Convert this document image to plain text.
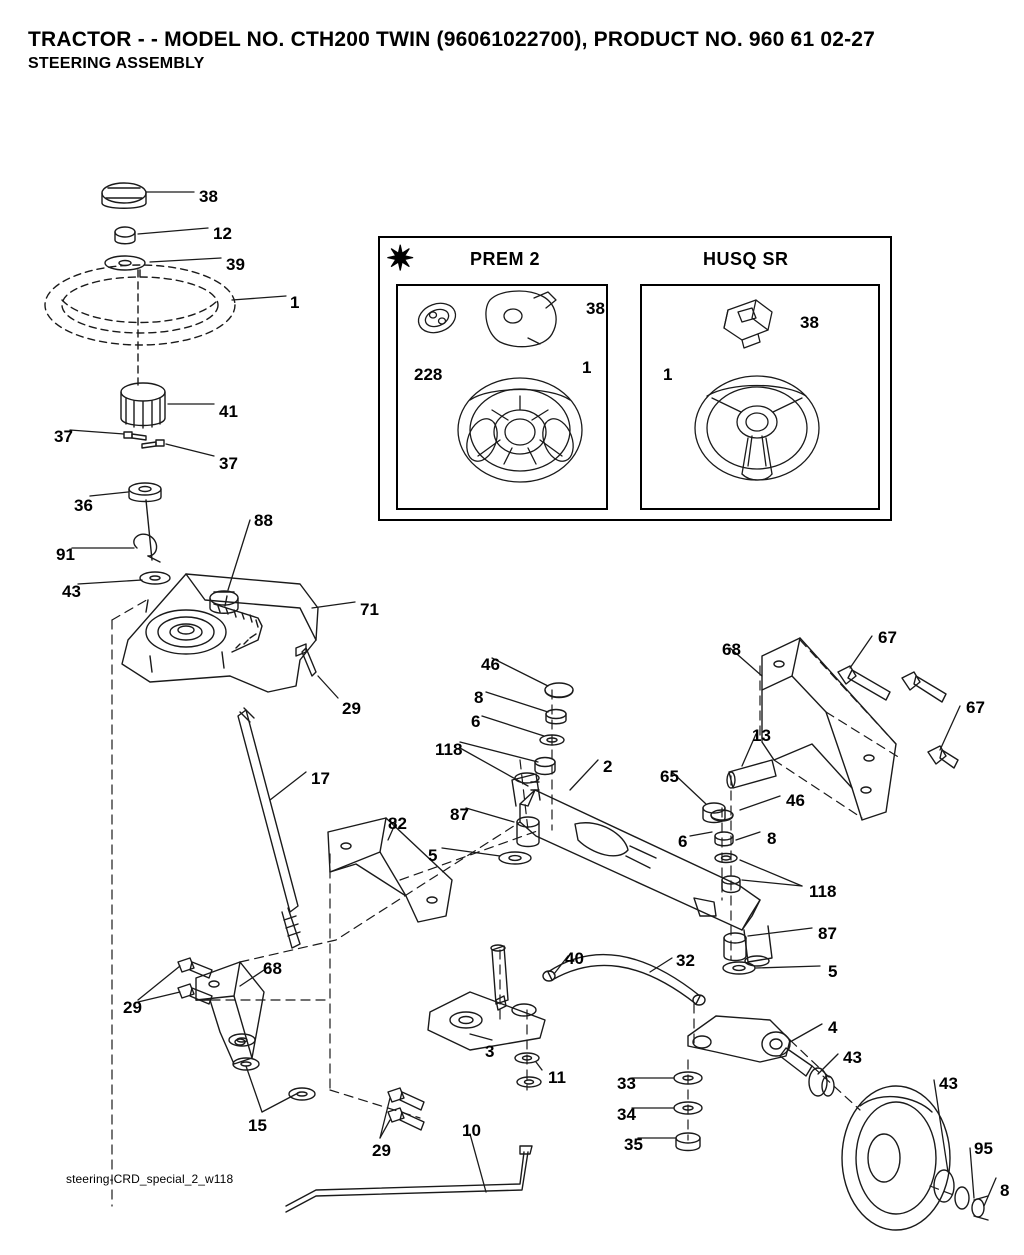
TRACTOR - - MODEL NO. CTH200 TWIN (96061022700), PRODUCT NO. 960 61 02-27
STEERING ASSEMBLY
✷	PREM 2	HUSQ SR
38
12
39
1
41
37
37
36
88
91
43
71
29
17
46
8
6
118
2
87
5
82
68
67
67
13
65
46
6	8
118
87
5
40	32
68
29
3
11
4
43
43
33
34
35
15
29
10
95
8
38
228	1
38
1
steering-CRD_special_2_w118
